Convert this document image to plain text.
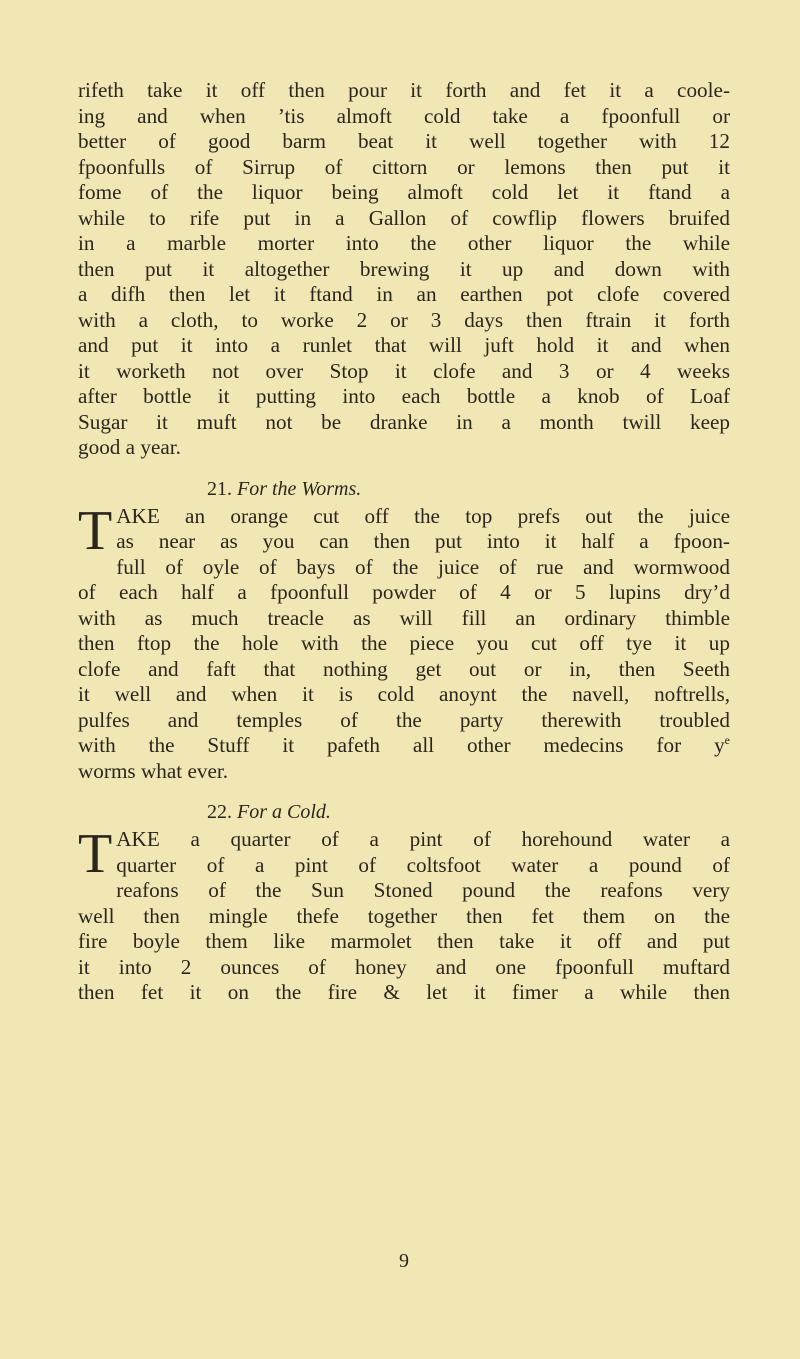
rifeth take it off then pour it forth and fet it a coole-
ing and when ’tis almoft cold take a fpoonfull or
better of good barm beat it well together with 12
fpoonfulls of Sirrup of cittorn or lemons then put it
fome of the liquor being almoft cold let it ftand a
while to rife put in a Gallon of cowflip flowers bruifed
in a marble morter into the other liquor the while
then put it altogether brewing it up and down with
a difh then let it ftand in an earthen pot clofe covered
with a cloth, to worke 2 or 3 days then ftrain it forth
and put it into a runlet that will juft hold it and when
it worketh not over Stop it clofe and 3 or 4 weeks
after bottle it putting into each bottle a knob of Loaf
Sugar it muft not be dranke in a month twill keep
good a year.
21. For the Worms.
T AKE an orange cut off the top prefs out the juice
as near as you can then put into it half a fpoon-
full of oyle of bays of the juice of rue and wormwood
of each half a fpoonfull powder of 4 or 5 lupins dry’d
with as much treacle as will fill an ordinary thimble
then ftop the hole with the piece you cut off tye it up
clofe and faft that nothing get out or in, then Seeth
it well and when it is cold anoynt the navell, noftrells,
pulfes and temples of the party therewith troubled
with the Stuff it pafeth all other medecins for $y^e$
worms what ever.
22. For a Cold.
T AKE a quarter of a pint of horehound water a
quarter of a pint of coltsfoot water a pound of
reafons of the Sun Stoned pound the reafons very
well then mingle thefe together then fet them on the
fire boyle them like marmolet then take it off and put
it into 2 ounces of honey and one fpoonfull muftard
then fet it on the fire & let it fimer a while then
9
